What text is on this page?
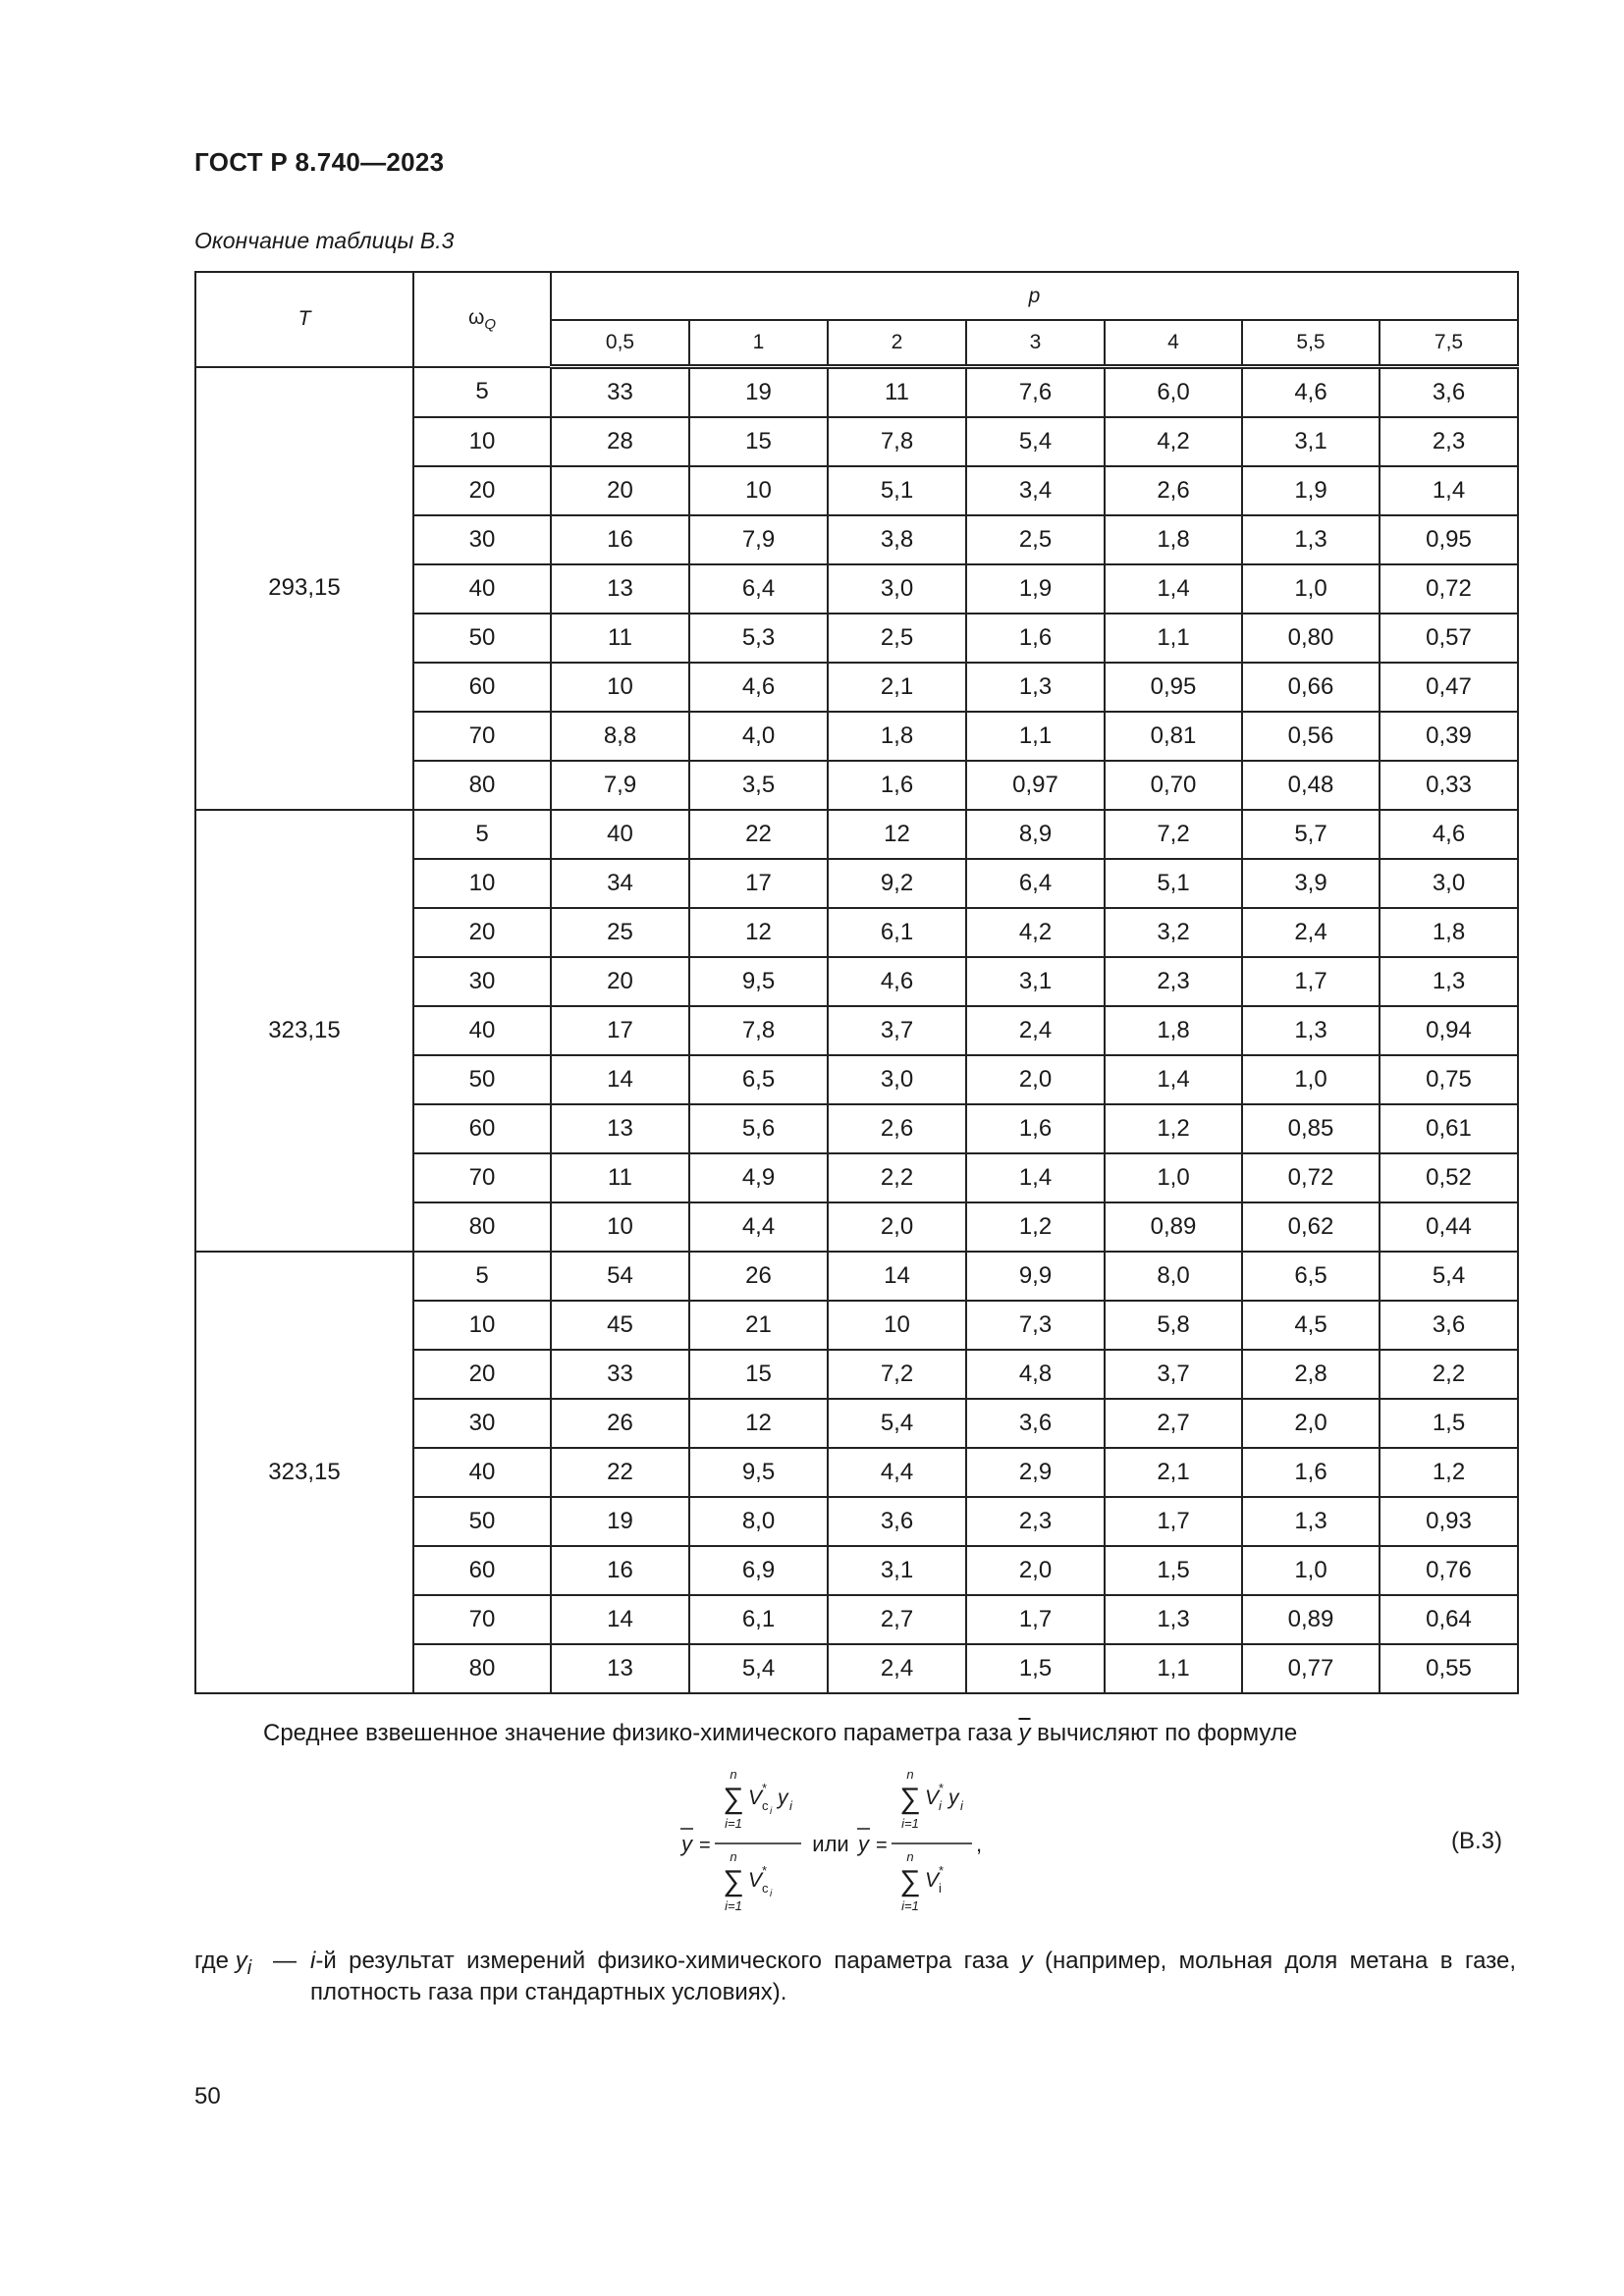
ГОСТ Р 8.740—2023
Окончание таблицы В.3
T	$\omega_Q$	p						
		0,5	1	2	3	4	5,5	7,5
293,15	5	33	19	11	7,6	6,0	4,6	3,6
	10	28	15	7,8	5,4	4,2	3,1	2,3
	20	20	10	5,1	3,4	2,6	1,9	1,4
	30	16	7,9	3,8	2,5	1,8	1,3	0,95
	40	13	6,4	3,0	1,9	1,4	1,0	0,72
	50	11	5,3	2,5	1,6	1,1	0,80	0,57
	60	10	4,6	2,1	1,3	0,95	0,66	0,47
	70	8,8	4,0	1,8	1,1	0,81	0,56	0,39
	80	7,9	3,5	1,6	0,97	0,70	0,48	0,33
323,15	5	40	22	12	8,9	7,2	5,7	4,6
	10	34	17	9,2	6,4	5,1	3,9	3,0
	20	25	12	6,1	4,2	3,2	2,4	1,8
	30	20	9,5	4,6	3,1	2,3	1,7	1,3
	40	17	7,8	3,7	2,4	1,8	1,3	0,94
	50	14	6,5	3,0	2,0	1,4	1,0	0,75
	60	13	5,6	2,6	1,6	1,2	0,85	0,61
	70	11	4,9	2,2	1,4	1,0	0,72	0,52
	80	10	4,4	2,0	1,2	0,89	0,62	0,44
323,15	5	54	26	14	9,9	8,0	6,5	5,4
	10	45	21	10	7,3	5,8	4,5	3,6
	20	33	15	7,2	4,8	3,7	2,8	2,2
	30	26	12	5,4	3,6	2,7	2,0	1,5
	40	22	9,5	4,4	2,9	2,1	1,6	1,2
	50	19	8,0	3,6	2,3	1,7	1,3	0,93
	60	16	6,9	3,1	2,0	1,5	1,0	0,76
	70	14	6,1	2,7	1,7	1,3	0,89	0,64
	80	13	5,4	2,4	1,5	1,1	0,77	0,55
Среднее взвешенное значение физико-химического параметра газа $\overline{y}$ вычисляют по формуле
y =
n
∑
i=1
V *
c i
y i
n
∑
i=1
V *
c i
или y =
n
∑
i=1
V *
i y i
n
∑
i=1
V *
i
,	(В.3)
где $y_i$ — i-й результат измерений физико-химического параметра газа y (например, мольная доля метана в газе, плотность газа при стандартных условиях).
50
